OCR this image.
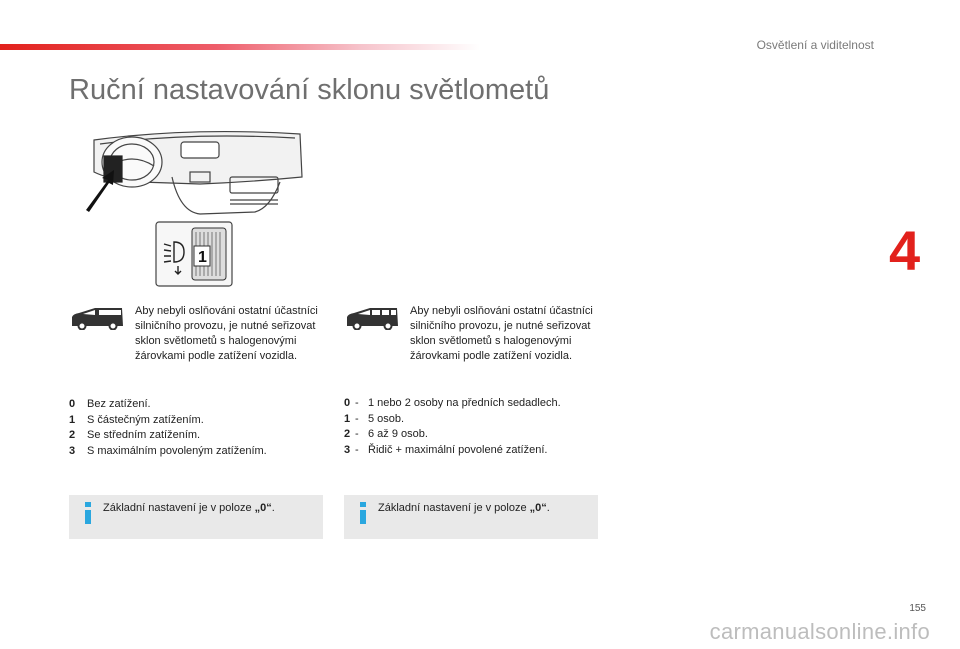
Osvětlení a viditelnost
4
Ruční nastavování sklonu světlometů
1
Aby nebyli oslňováni ostatní účastníci silničního provozu, je nutné seřizovat sklon světlometů s halogenovými žárovkami podle zatížení vozidla.
0	Bez zatížení.
1	S částečným zatížením.
2	Se středním zatížením.
3	S maximálním povoleným zatížením.
Základní nastavení je v poloze „0“.
Aby nebyli oslňováni ostatní účastníci silničního provozu, je nutné seřizovat sklon světlometů s halogenovými žárovkami podle zatížení vozidla.
0 - 1 nebo 2 osoby na předních sedadlech.
1 - 5 osob.
2 - 6 až 9 osob.
3 - Řidič + maximální povolené zatížení.
Základní nastavení je v poloze „0“.
155
carmanualsonline.info
